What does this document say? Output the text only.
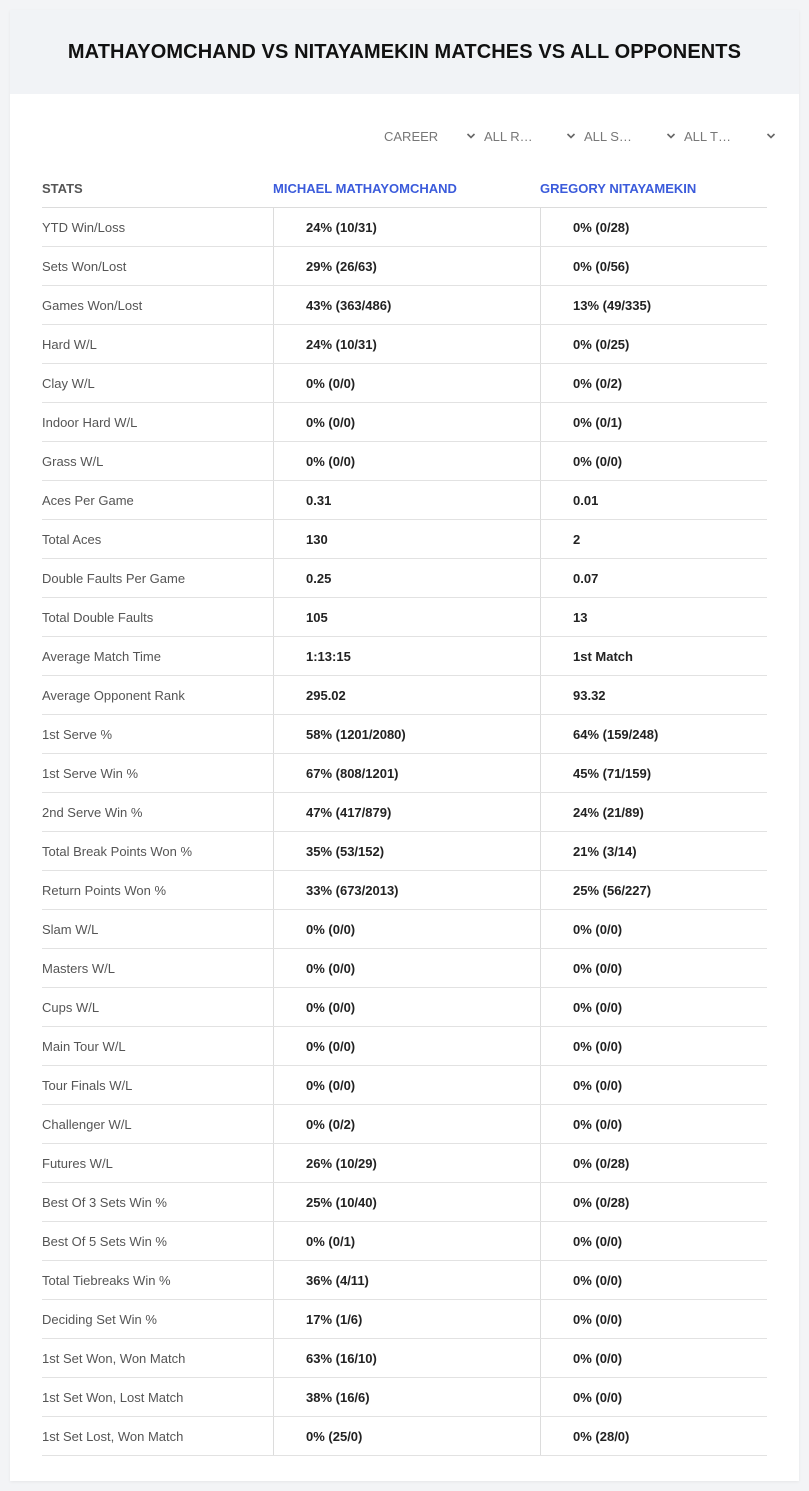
MATHAYOMCHAND VS NITAYAMEKIN MATCHES VS ALL OPPONENTS
CAREER	ALL R…	ALL S…	ALL T…
STATS	MICHAEL MATHAYOMCHAND	GREGORY NITAYAMEKIN
YTD Win/Loss	24% (10/31)	0% (0/28)
Sets Won/Lost	29% (26/63)	0% (0/56)
Games Won/Lost	43% (363/486)	13% (49/335)
Hard W/L	24% (10/31)	0% (0/25)
Clay W/L	0% (0/0)	0% (0/2)
Indoor Hard W/L	0% (0/0)	0% (0/1)
Grass W/L	0% (0/0)	0% (0/0)
Aces Per Game	0.31	0.01
Total Aces	130	2
Double Faults Per Game	0.25	0.07
Total Double Faults	105	13
Average Match Time	1:13:15	1st Match
Average Opponent Rank	295.02	93.32
1st Serve %	58% (1201/2080)	64% (159/248)
1st Serve Win %	67% (808/1201)	45% (71/159)
2nd Serve Win %	47% (417/879)	24% (21/89)
Total Break Points Won %	35% (53/152)	21% (3/14)
Return Points Won %	33% (673/2013)	25% (56/227)
Slam W/L	0% (0/0)	0% (0/0)
Masters W/L	0% (0/0)	0% (0/0)
Cups W/L	0% (0/0)	0% (0/0)
Main Tour W/L	0% (0/0)	0% (0/0)
Tour Finals W/L	0% (0/0)	0% (0/0)
Challenger W/L	0% (0/2)	0% (0/0)
Futures W/L	26% (10/29)	0% (0/28)
Best Of 3 Sets Win %	25% (10/40)	0% (0/28)
Best Of 5 Sets Win %	0% (0/1)	0% (0/0)
Total Tiebreaks Win %	36% (4/11)	0% (0/0)
Deciding Set Win %	17% (1/6)	0% (0/0)
1st Set Won, Won Match	63% (16/10)	0% (0/0)
1st Set Won, Lost Match	38% (16/6)	0% (0/0)
1st Set Lost, Won Match	0% (25/0)	0% (28/0)
